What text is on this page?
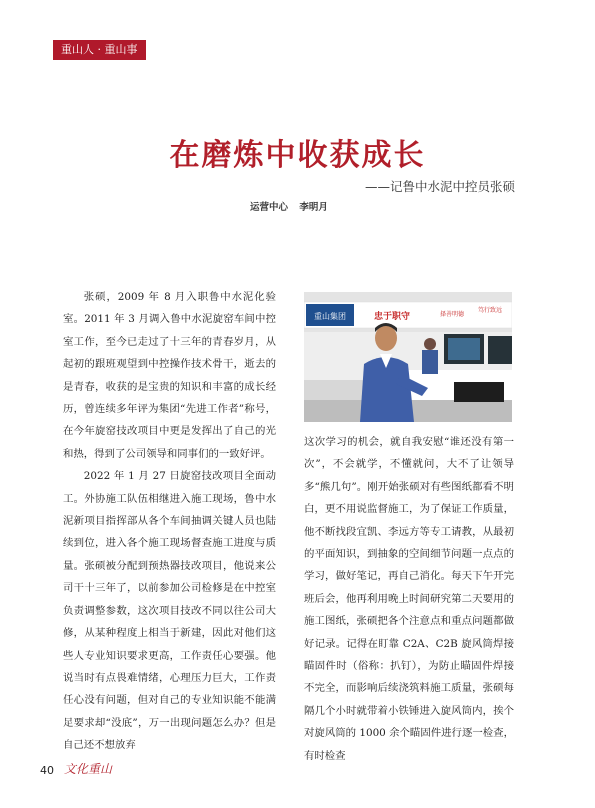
重山人 · 重山事
在磨炼中收获成长
——记鲁中水泥中控员张硕
运营中心 李明月

张硕，2009 年 8 月入职鲁中水泥化验室。2011 年 3 月调入鲁中水泥旋窑车间中控室工作，至今已走过了十三年的青春岁月，从起初的跟班观望到中控操作技术骨干，逝去的是青春，收获的是宝贵的知识和丰富的成长经历，曾连续多年评为集团“先进工作者”称号，在今年旋窑技改项目中更是发挥出了自己的光和热，得到了公司领导和同事们的一致好评。

2022 年 1 月 27 日旋窑技改项目全面动工。外协施工队伍相继进入施工现场，鲁中水泥新项目指挥部从各个车间抽调关键人员也陆续到位，进入各个施工现场督查施工进度与质量。张硕被分配到预热器技改项目，他说来公司干十三年了，以前参加公司检修是在中控室负责调整参数，这次项目技改不同以往公司大修，从某种程度上相当于新建，因此对他们这些人专业知识要求更高，工作责任心要强。他说当时有点畏难情绪，心理压力巨大，工作责任心没有问题，但对自己的专业知识能不能满足要求却“没底”，万一出现问题怎么办？但是自己还不想放弃

重山集团	忠于职守	择善明德
笃行致远

这次学习的机会，就自我安慰“谁还没有第一次”，不会就学，不懂就问，大不了让领导多“熊几句”。刚开始张硕对有些图纸都看不明白，更不用说监督施工，为了保证工作质量，他不断找段宜凯、李远方等专工请教，从最初的平面知识，到抽象的空间细节问题一点点的学习，做好笔记，再自己消化。每天下午开完班后会，他再利用晚上时间研究第二天要用的施工图纸，张硕把各个注意点和重点问题都做好记录。记得在盯靠 C2A、C2B 旋风筒焊接瞄固件时（俗称：扒钉），为防止瞄固件焊接不完全，而影响后续浇筑料施工质量，张硕每隔几个小时就带着小铁锤进入旋风筒内，挨个对旋风筒的 1000 余个瞄固件进行逐一检查，有时检查

40 文化重山
